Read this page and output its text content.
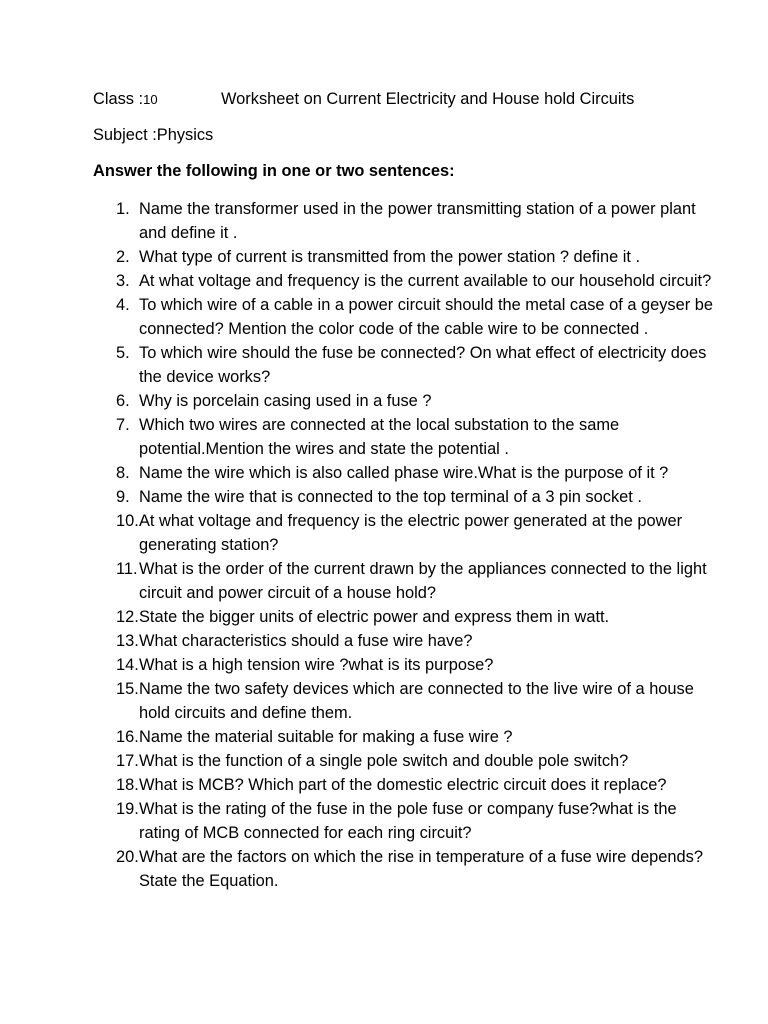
Class :10	Worksheet on Current Electricity and House hold Circuits
Subject :Physics
Answer the following in one or two sentences:
1. Name the transformer used in the power transmitting station of a power plant and define it .
2. What type of current is transmitted from the power station ? define it .
3. At what voltage and frequency is the current available to our household circuit?
4. To which wire of a cable in a power circuit should the metal case of a geyser be connected? Mention the color code of the cable wire to be connected .
5. To which wire should the fuse be connected? On what effect of electricity does the device works?
6. Why is porcelain casing used in a fuse ?
7. Which two wires are connected at the local substation to the same potential.Mention the wires and state the potential .
8. Name the wire which is also called phase wire.What is the purpose of it ?
9. Name the wire that is connected to the top terminal of a 3 pin socket .
10. At what voltage and frequency is the electric power generated at the power generating station?
11. What is the order of the current drawn by the appliances connected to the light circuit and power circuit of a house hold?
12. State the bigger units of electric power and express them in watt.
13. What characteristics should a fuse wire have?
14. What is a high tension wire ?what is its purpose?
15. Name the two safety devices which are connected to the live wire of a house hold circuits and define them.
16. Name the material suitable for making a fuse wire ?
17. What is the function of a single pole switch and double pole switch?
18. What is MCB? Which part of the domestic electric circuit does it replace?
19. What is the rating of the fuse in the pole fuse or company fuse?what is the rating of MCB connected for each ring circuit?
20. What are the factors on which the rise in temperature of a fuse wire depends? State the Equation.
